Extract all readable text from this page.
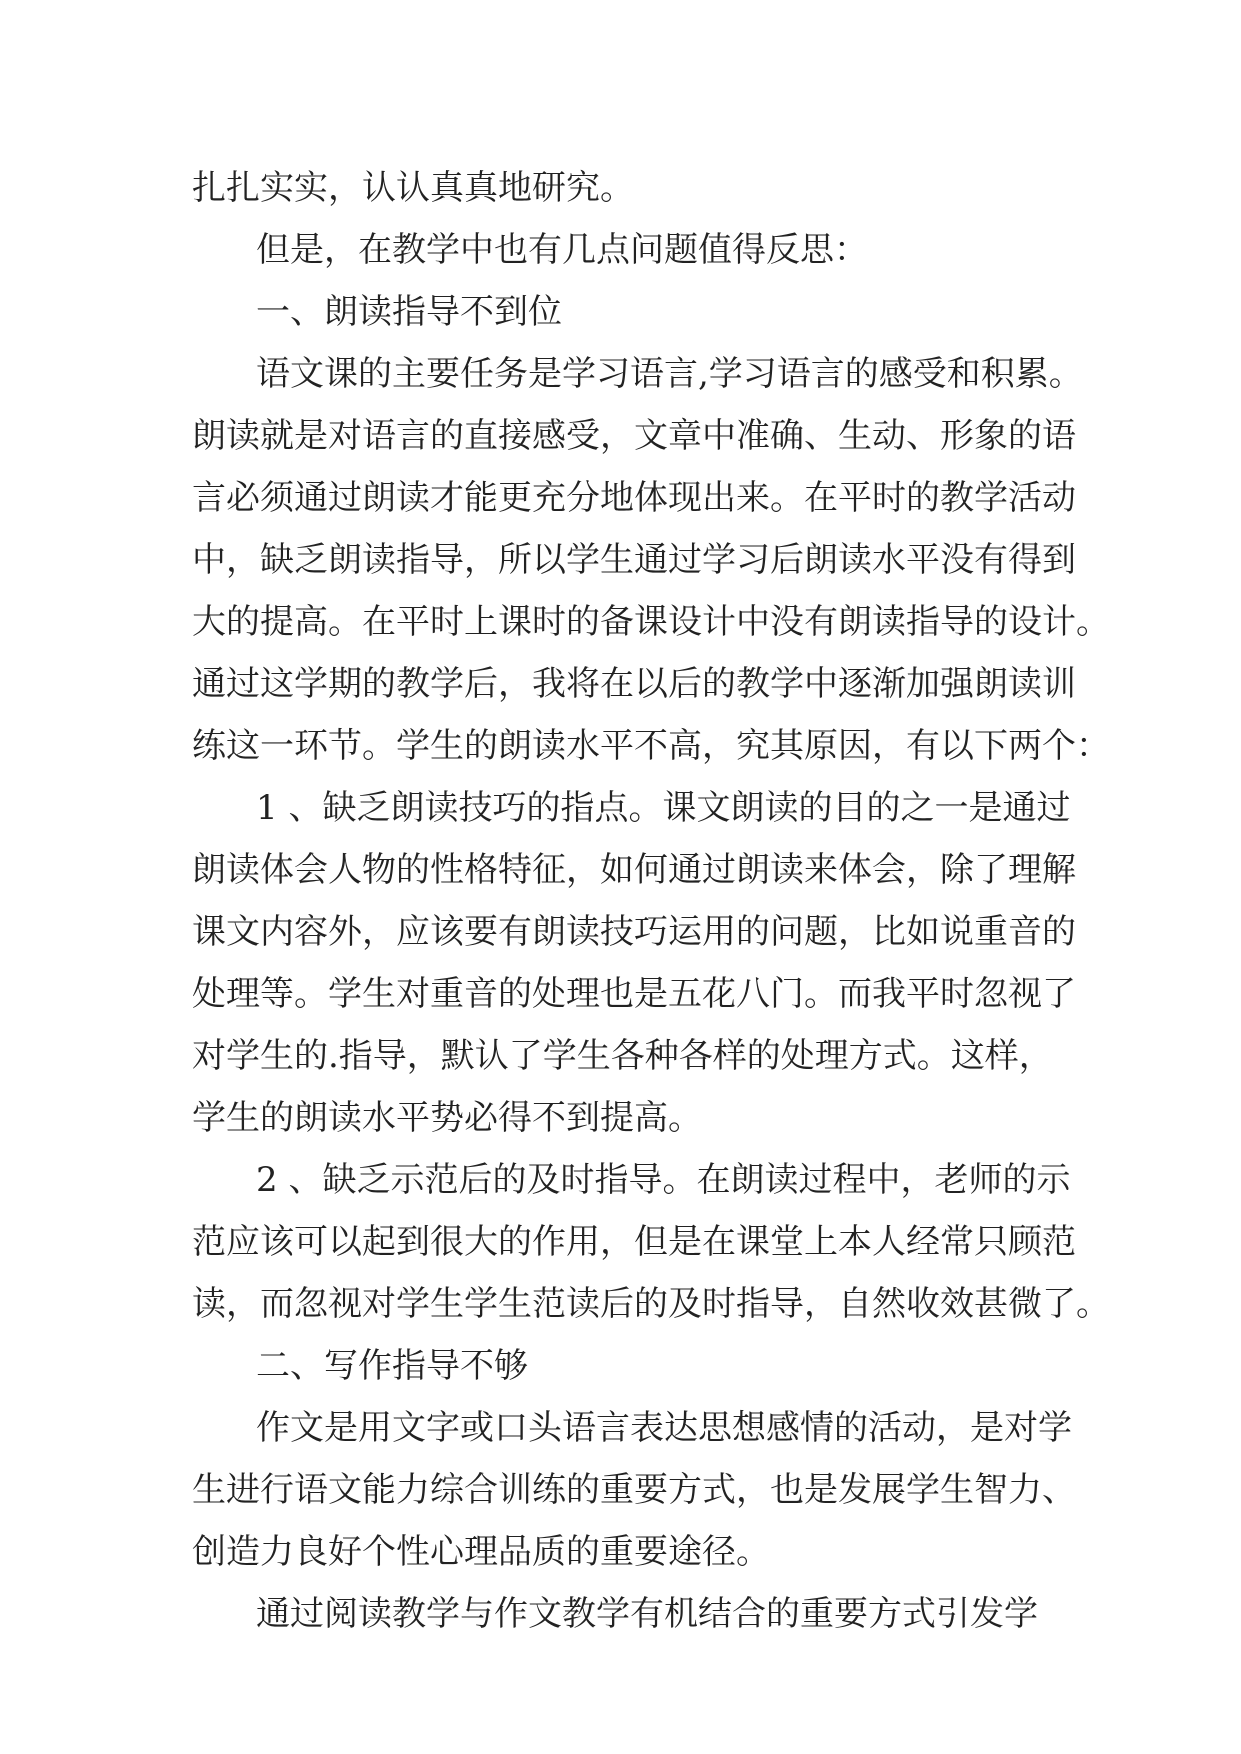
扎扎实实，认认真真地研究。
但是，在教学中也有几点问题值得反思：
一、朗读指导不到位
语文课的主要任务是学习语言,学习语言的感受和积累。
朗读就是对语言的直接感受，文章中准确、生动、形象的语
言必须通过朗读才能更充分地体现出来。在平时的教学活动
中，缺乏朗读指导，所以学生通过学习后朗读水平没有得到
大的提高。在平时上课时的备课设计中没有朗读指导的设计。
通过这学期的教学后，我将在以后的教学中逐渐加强朗读训
练这一环节。学生的朗读水平不高，究其原因，有以下两个：
1 、缺乏朗读技巧的指点。课文朗读的目的之一是通过
朗读体会人物的性格特征，如何通过朗读来体会，除了理解
课文内容外，应该要有朗读技巧运用的问题，比如说重音的
处理等。学生对重音的处理也是五花八门。而我平时忽视了
对学生的.指导，默认了学生各种各样的处理方式。这样，
学生的朗读水平势必得不到提高。
2 、缺乏示范后的及时指导。在朗读过程中，老师的示
范应该可以起到很大的作用，但是在课堂上本人经常只顾范
读，而忽视对学生学生范读后的及时指导，自然收效甚微了。
二、写作指导不够
作文是用文字或口头语言表达思想感情的活动，是对学
生进行语文能力综合训练的重要方式，也是发展学生智力、
创造力良好个性心理品质的重要途径。
通过阅读教学与作文教学有机结合的重要方式引发学
